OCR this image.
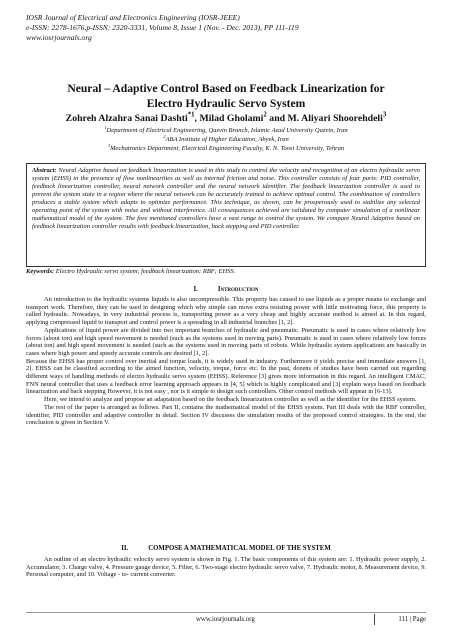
IOSR Journal of Electrical and Electronics Engineering (IOSR-JEEE)
e-ISSN: 2278-1676,p-ISSN: 2320-3331, Volume 8, Issue 1 (Nov. - Dec. 2013), PP 111-119
www.iosrjournals.org
Neural – Adaptive Control Based on Feedback Linearization for
Electro Hydraulic Servo System
Zohreh Alzahra Sanai Dashti$^{*1}$, Milad Gholami$^2$ and M. Aliyari Shoorehdeli$^3$
$^1$Department of Electrical Engineering, Qazvin Branch, Islamic Azad University Qazvin, Iran
$^2$ABA Institute of Higher Education, Abyek, Iran
$^3$Mechatronics Department, Electrical Engineering Faculty, K. N. Toosi University, Tehran
Abstract: Neural Adaptive based on feedback linearization is used in this study to control the velocity and recognition of an electro hydraulic servo system (EHSS) in the presence of flow nonlinearities as well as internal friction and noise. This controller consists of four parts: PID controller, feedback linearization controller, neural network controller and the neural network identifier. The feedback linearization controller is used to prevent the system state in a region where the neural network can be accurately trained to achieve optimal control. The combination of controllers produces a stable system which adapts to optimize performance. This technique, as shown, can be prosperously used to stabilize any selected operating point of the system with noise and without interference. All consequences achieved are validated by computer simulation of a nonlinear mathematical model of the system. The fore mentioned controllers have a vast range to control the system. We compare Neural Adaptive based on feedback linearization controller results with feedback linearization, back stepping and PID controller.
Keywords: Electro Hydraulic servo system; feedback linearization; RBF; EHSS.
I.	Introduction

An introduction to the hydraulic systems liquids is also uncompressible. This property has caused to use liquids as a proper means to exchange and transport work. Therefore, they can be used in designing which why simple can move extra resisting power with little motivating force, this property is called hydraulic. Nowadays, in very industrial process is, transporting power as a very cheap and highly accurate method is aimed at. In this regard, applying compressed liquid to transport and control power is a spreading in all industrial branches [1, 2].

Applications of liquid power are divided into two important branches of hydraulic and pneumatic. Pneumatic is used in cases where relatively low forces (about ton) and high speed movement is needed (such as the systems used in moving parts). Pneumatic is used in cases where relatively low forces (about ton) and high speed movement is needed (such as the systems used in moving parts of robots. While hydraulic system applications are basically in cases where high power and speedy accurate controls are desired [1, 2].

Because the EHSS has proper control over inertial and torque loads, it is widely used in industry. Furthermore it yields precise and immediate answers [1, 2]. EHSS can be classified according to the aimed function, velocity, torque, force etc. In the past, dozens of studies have been carried out regarding different ways of handling methods of electro hydraulic servo system (EHSS). Reference [3] gives more information in this regard. An intelligent CMAC, FNN neural controller that uses a feedback error learning approach appears in [4, 5] which is highly complicated and [3] explain ways based on feedback linearization and back stepping However, it is not easy , nor is it simple to design such controllers. Other control methods will appear in [6-13].

Here, we intend to analyze and propose an adaptation based on the feedback linearization controller as well as the identifier for the EHSS system.

The rest of the paper is arranged as follows. Part II, contains the mathematical model of the EHSS system. Part III deals with the RBF controller, identifier, PID controller and adaptive controller in detail. Section IV discusses the simulation results of the proposed control strategies. In the end, the conclusion is given in Section V.

II.	COMPOSE A MATHEMATICAL MODEL OF THE SYSTEM

An outline of an electro hydraulic velocity servo system is shown in Fig. 1. The basic components of this system are: 1. Hydraulic power supply, 2. Accumulator, 3. Charge valve, 4. Pressure gauge device, 5. Filter, 6. Two-stage electro hydraulic servo valve, 7. Hydraulic motor, 8. Measurement device, 9. Personal computer, and 10. Voltage - to- current converter.

www.iosrjournals.org	111 | Page
